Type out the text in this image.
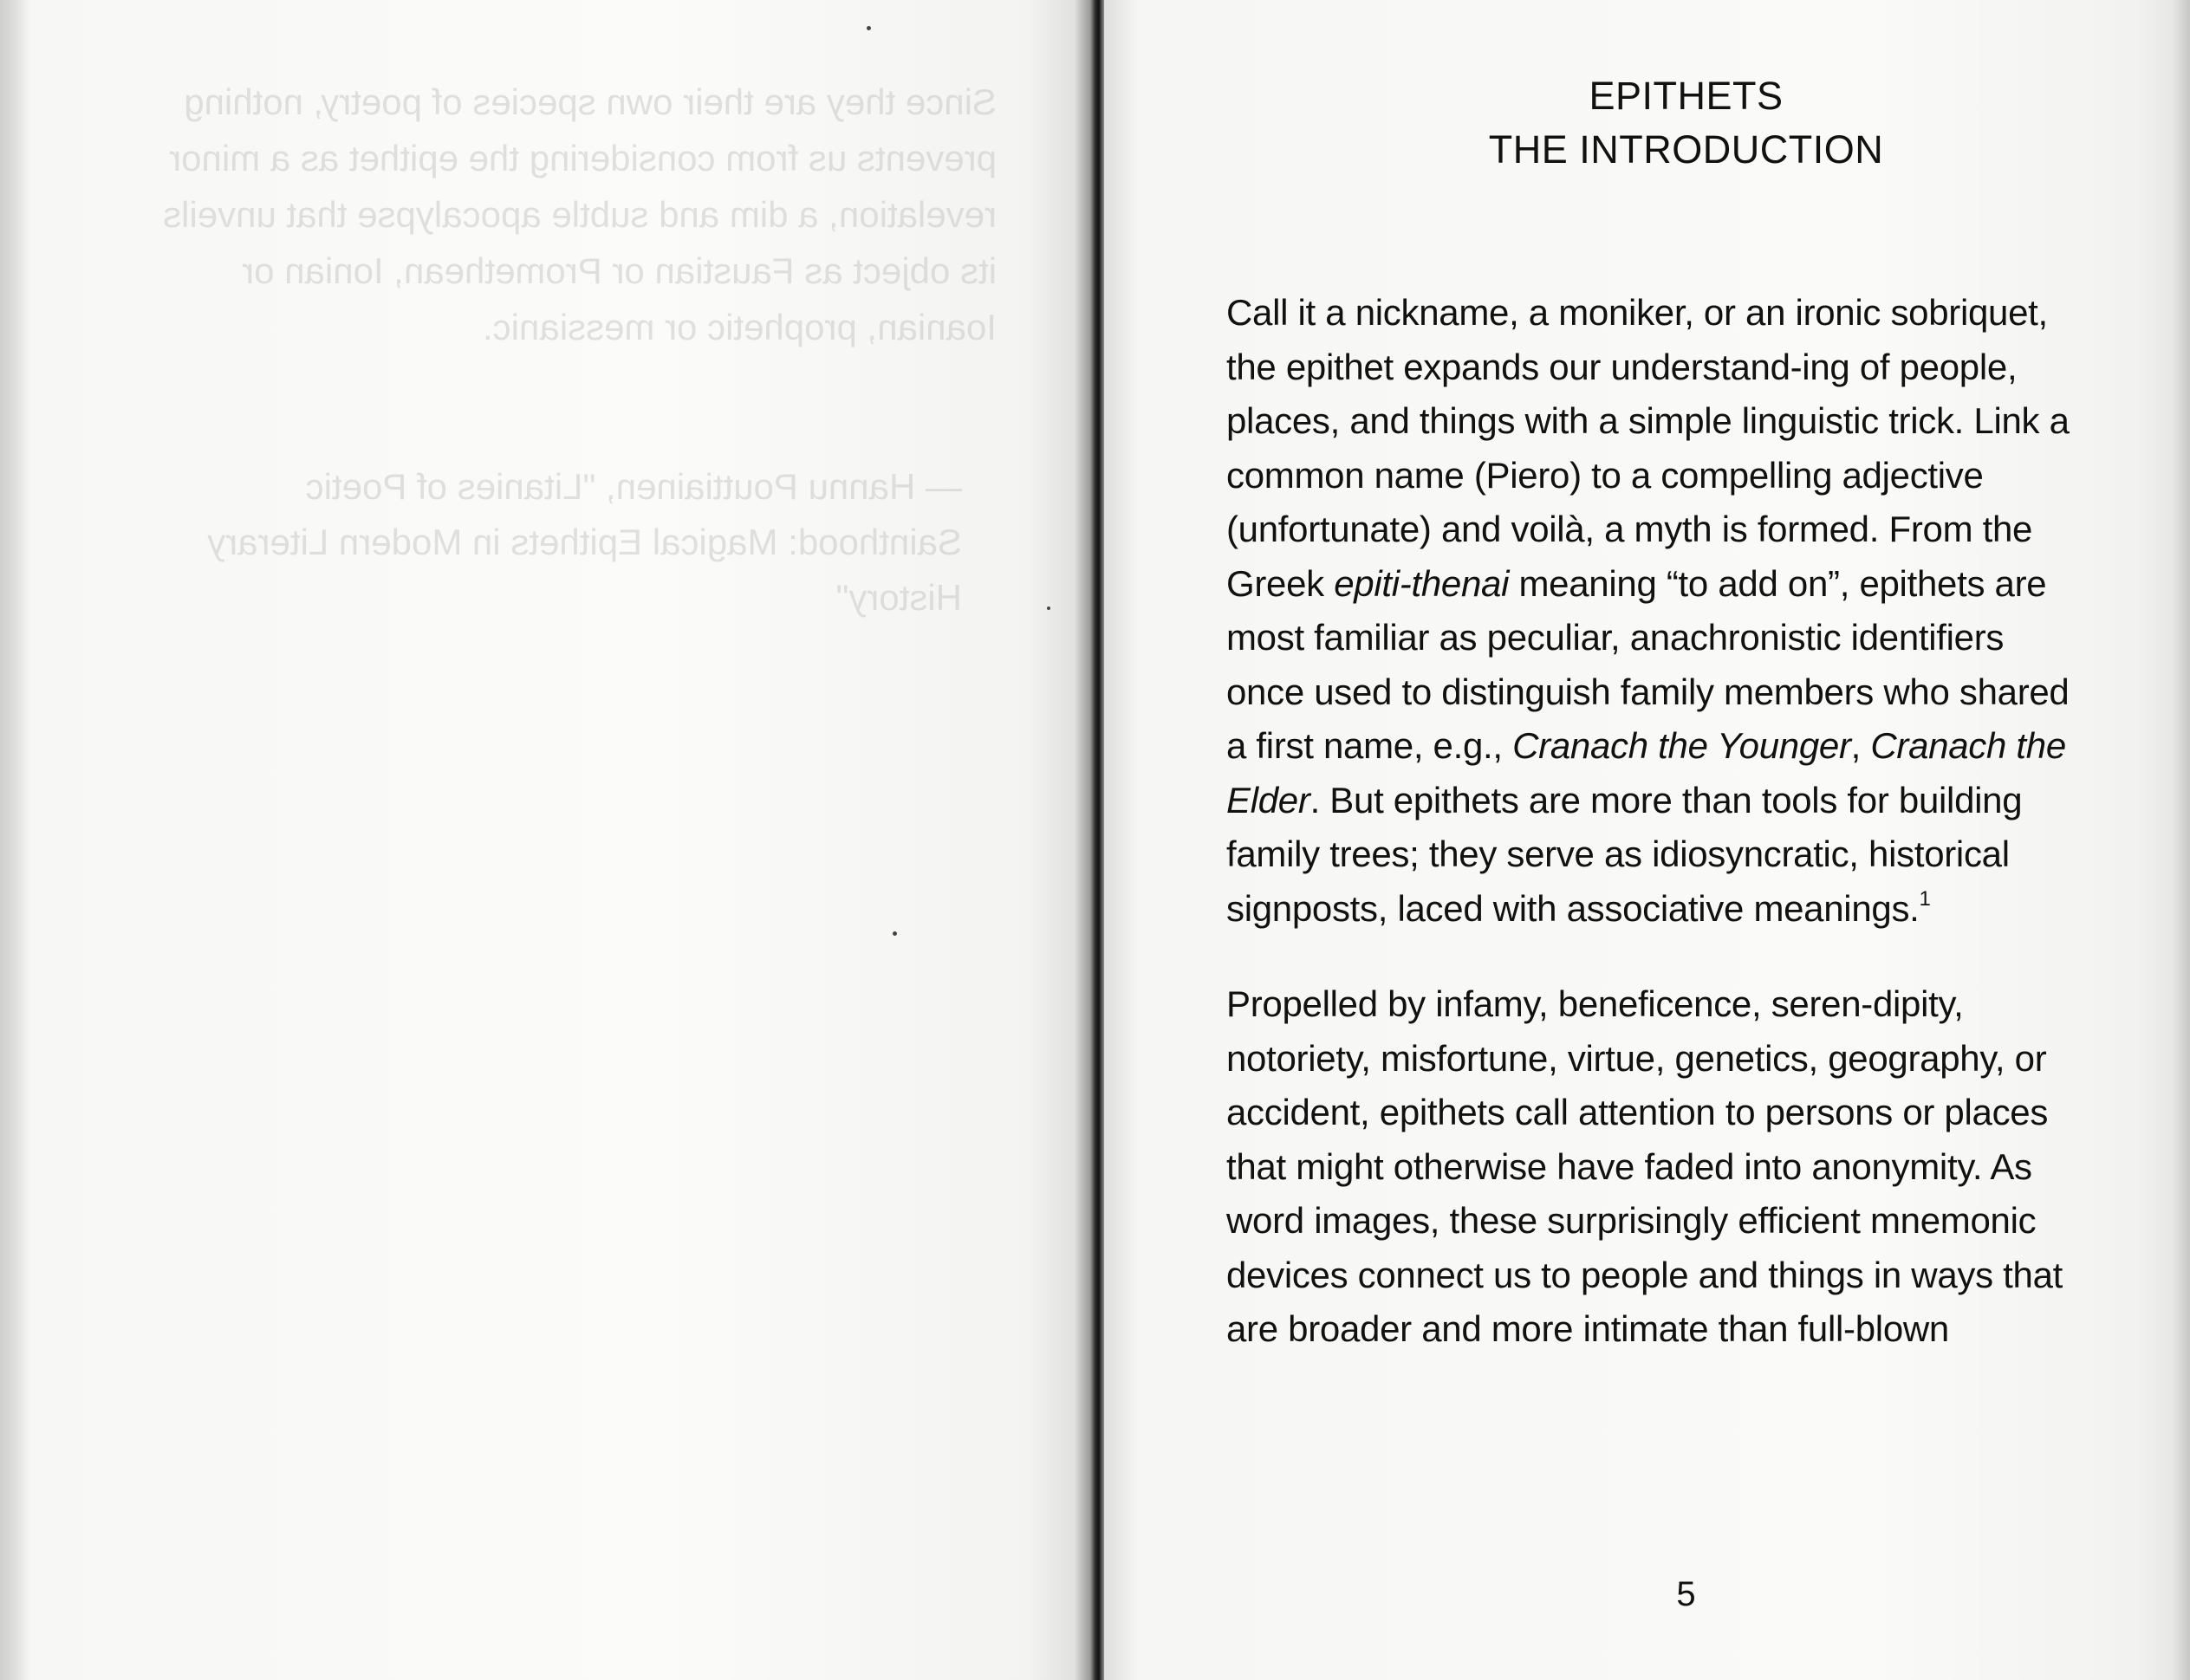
Since they are their own species of poetry, nothing prevents us from considering the epithet as a minor revelation, a dim and subtle apocalypse that unveils its object as Faustian or Promethean, Ionian or Ioanian, prophetic or messianic.
— Hannu Pouttiainen, "Litanies of Poetic Sainthood: Magical Epithets in Modern Literary History"
EPITHETS
THE INTRODUCTION

Call it a nickname, a moniker, or an ironic sobriquet, the epithet expands our understand-ing of people, places, and things with a simple linguistic trick. Link a common name (Piero) to a compelling adjective (unfortunate) and voilà, a myth is formed. From the Greek epiti-thenai meaning “to add on”, epithets are most familiar as peculiar, anachronistic identifiers once used to distinguish family members who shared a first name, e.g., Cranach the Younger, Cranach the Elder. But epithets are more than tools for building family trees; they serve as idiosyncratic, historical signposts, laced with associative meanings.$^1$

Propelled by infamy, beneficence, seren-dipity, notoriety, misfortune, virtue, genetics, geography, or accident, epithets call attention to persons or places that might otherwise have faded into anonymity. As word images, these surprisingly efficient mnemonic devices connect us to people and things in ways that are broader and more intimate than full-blown

5
